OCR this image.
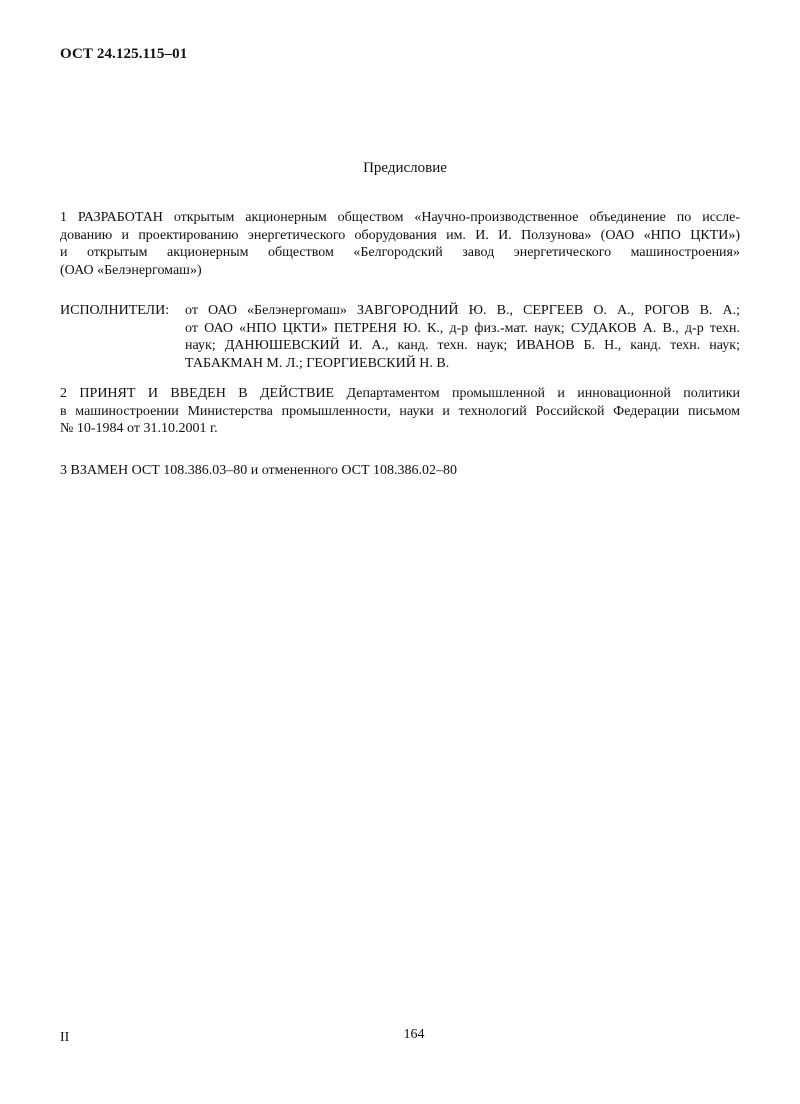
ОСТ 24.125.115–01
Предисловие
1 РАЗРАБОТАН открытым акционерным обществом «Научно-производственное объединение по иссле-
дованию и проектированию энергетического оборудования им. И. И. Ползунова» (ОАО «НПО ЦКТИ»)
и открытым акционерным обществом «Белгородский завод энергетического машиностроения»
(ОАО «Белэнергомаш»)
ИСПОЛНИТЕЛИ:	от ОАО «Белэнергомаш» ЗАВГОРОДНИЙ Ю. В., СЕРГЕЕВ О. А., РОГОВ В. А.;
от ОАО «НПО ЦКТИ» ПЕТРЕНЯ Ю. К., д-р физ.-мат. наук; СУДАКОВ А. В., д-р техн.
наук; ДАНЮШЕВСКИЙ И. А., канд. техн. наук; ИВАНОВ Б. Н., канд. техн. наук;
ТАБАКМАН М. Л.; ГЕОРГИЕВСКИЙ Н. В.
2 ПРИНЯТ И ВВЕДЕН В ДЕЙСТВИЕ Департаментом промышленной и инновационной политики
в машиностроении Министерства промышленности, науки и технологий Российской Федерации письмом
№ 10-1984 от 31.10.2001 г.
3 ВЗАМЕН ОСТ 108.386.03–80 и отмененного ОСТ 108.386.02–80
II	164
